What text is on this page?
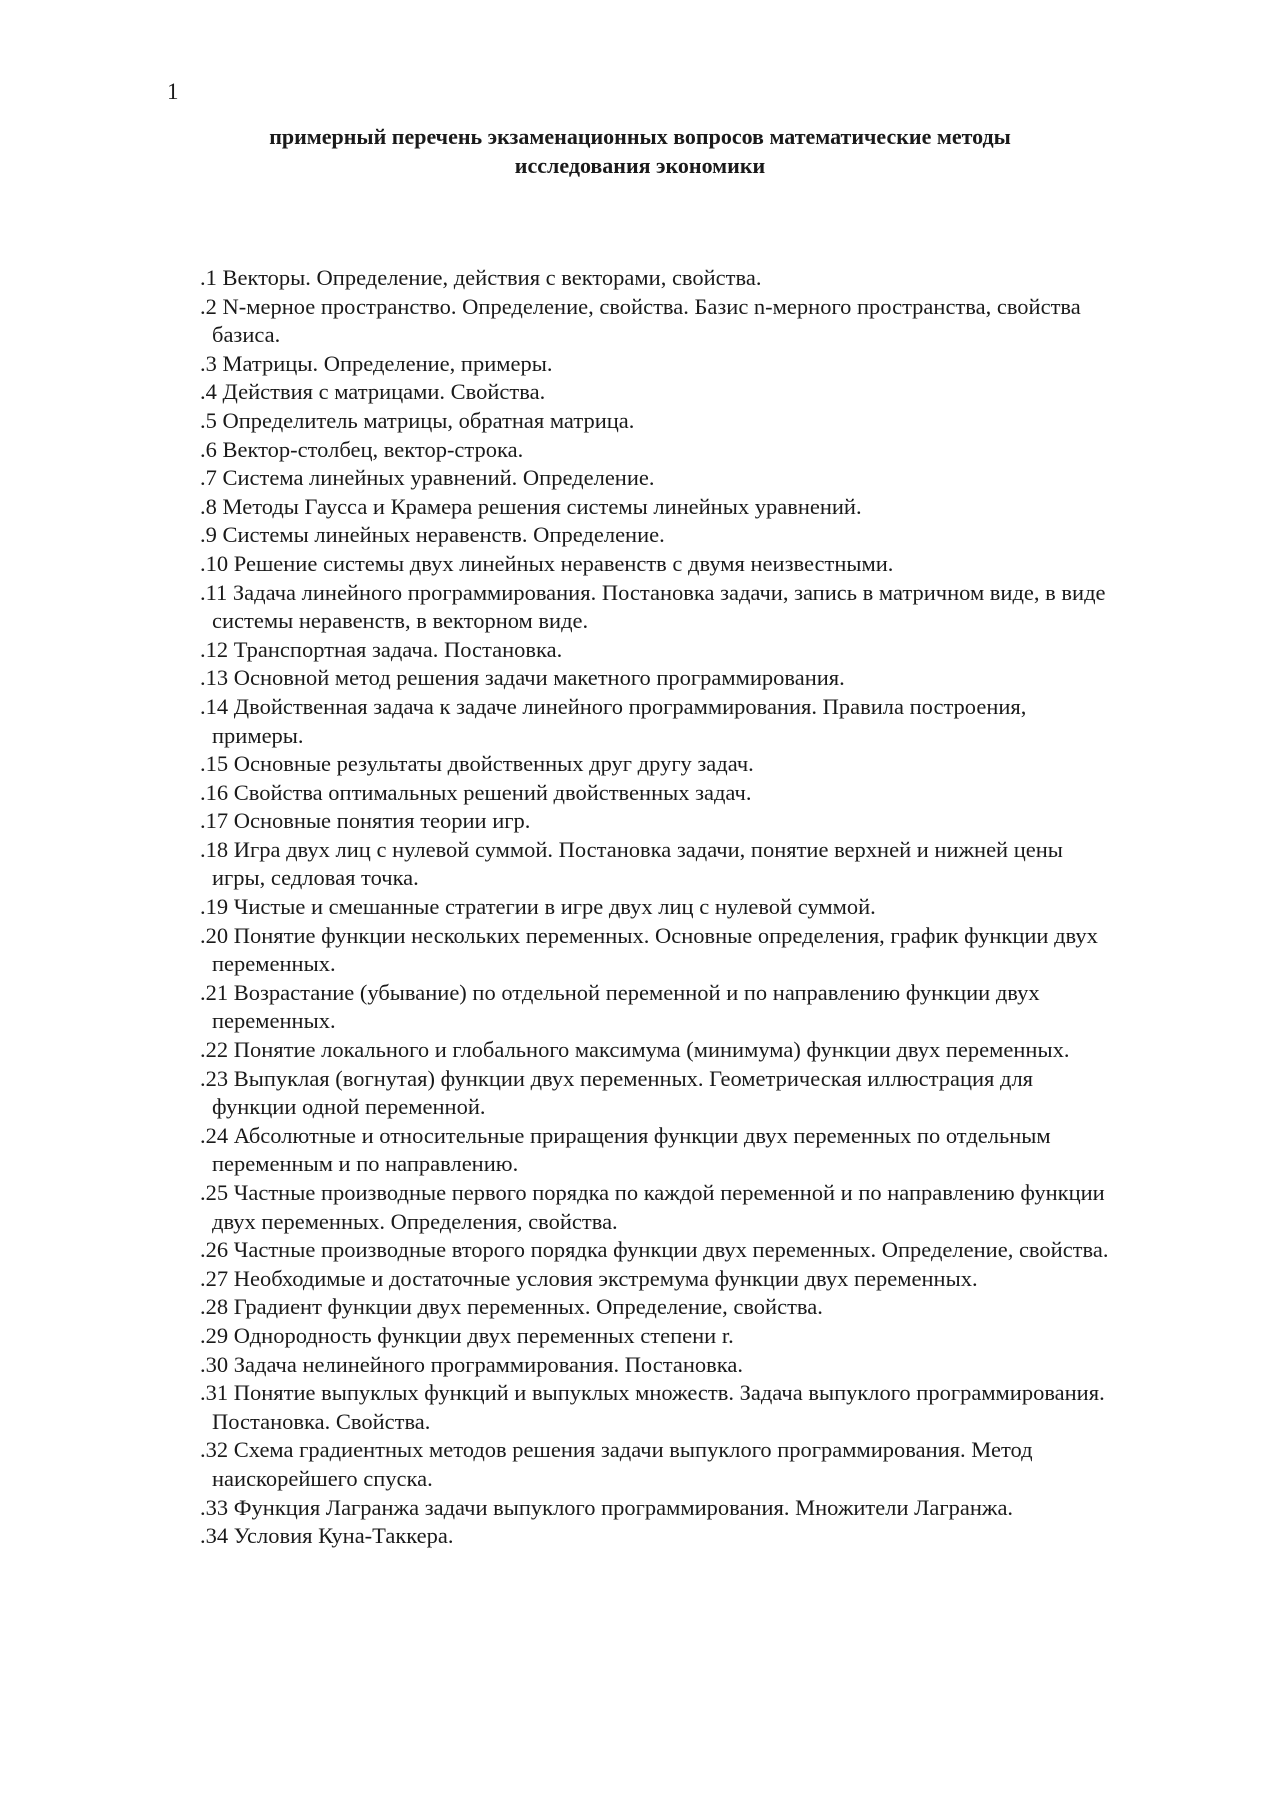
1
примерный перечень экзаменационных вопросов математические методы
исследования экономики
.1 Векторы. Определение, действия с векторами, свойства.
.2 N-мерное пространство. Определение, свойства. Базис n-мерного пространства, свойства базиса.
.3 Матрицы. Определение, примеры.
.4 Действия с матрицами. Свойства.
.5 Определитель матрицы, обратная матрица.
.6 Вектор-столбец, вектор-строка.
.7 Система линейных уравнений. Определение.
.8 Методы Гаусса и Крамера решения системы линейных уравнений.
.9 Системы линейных неравенств. Определение.
.10 Решение системы двух линейных неравенств с двумя неизвестными.
.11 Задача линейного программирования. Постановка задачи, запись в матричном виде, в виде системы неравенств, в векторном виде.
.12 Транспортная задача. Постановка.
.13 Основной метод решения задачи макетного программирования.
.14 Двойственная задача к задаче линейного программирования. Правила построения, примеры.
.15 Основные результаты двойственных друг другу задач.
.16 Свойства оптимальных решений двойственных задач.
.17 Основные понятия теории игр.
.18 Игра двух лиц с нулевой суммой. Постановка задачи, понятие верхней и нижней цены игры, седловая точка.
.19 Чистые и смешанные стратегии в игре двух лиц с нулевой суммой.
.20 Понятие функции нескольких переменных. Основные определения, график функции двух переменных.
.21 Возрастание (убывание) по отдельной переменной и по направлению функции двух переменных.
.22 Понятие локального и глобального максимума (минимума) функции двух переменных.
.23 Выпуклая (вогнутая) функции двух переменных. Геометрическая иллюстрация для функции одной переменной.
.24 Абсолютные и относительные приращения функции двух переменных по отдельным переменным и по направлению.
.25 Частные производные первого порядка по каждой переменной и по направлению функции двух переменных. Определения, свойства.
.26 Частные производные второго порядка функции двух переменных. Определение, свойства.
.27 Необходимые и достаточные условия экстремума функции двух переменных.
.28 Градиент функции двух переменных. Определение, свойства.
.29 Однородность функции двух переменных степени r.
.30 Задача нелинейного программирования. Постановка.
.31 Понятие выпуклых функций и выпуклых множеств. Задача выпуклого программирования. Постановка. Свойства.
.32 Схема градиентных методов решения задачи выпуклого программирования. Метод наискорейшего спуска.
.33 Функция Лагранжа задачи выпуклого программирования. Множители Лагранжа.
.34 Условия Куна-Таккера.
